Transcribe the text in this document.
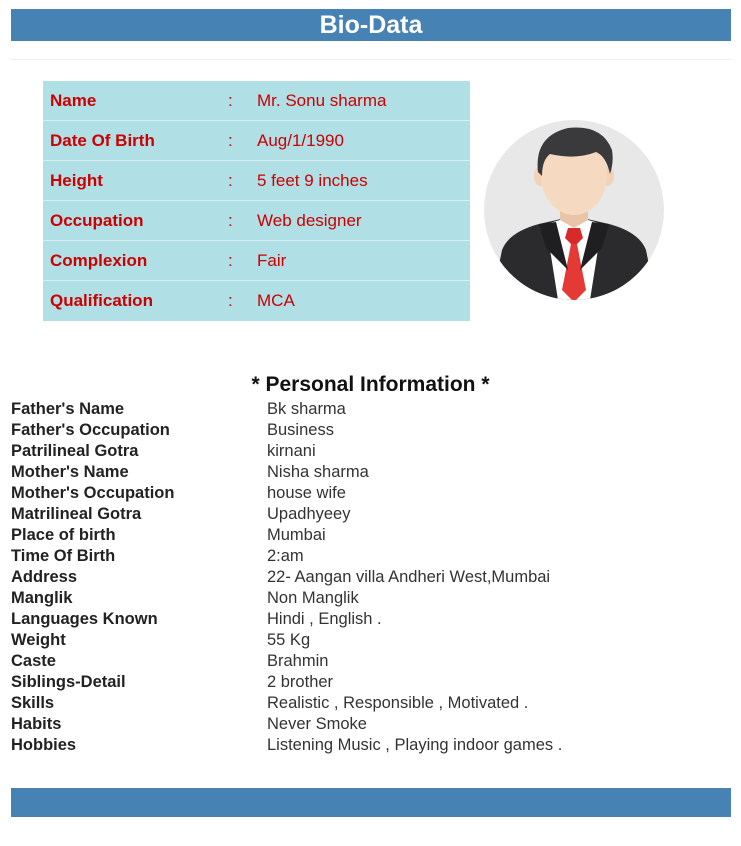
Bio-Data
Name	:	Mr. Sonu sharma
Date Of Birth	:	Aug/1/1990
Height	:	5 feet 9 inches
Occupation	:	Web designer
Complexion	:	Fair
Qualification	:	MCA
* Personal Information *
Father's Name	Bk sharma
Father's Occupation	Business
Patrilineal Gotra	kirnani
Mother's Name	Nisha sharma
Mother's Occupation	house wife
Matrilineal Gotra	Upadhyeey
Place of birth	Mumbai
Time Of Birth	2:am
Address	22- Aangan villa Andheri West,Mumbai
Manglik	Non Manglik
Languages Known	Hindi , English .
Weight	55 Kg
Caste	Brahmin
Siblings-Detail	2 brother
Skills	Realistic , Responsible , Motivated .
Habits	Never Smoke
Hobbies	Listening Music , Playing indoor games .

bksharma@gmail.com  Contact No.9999999999
